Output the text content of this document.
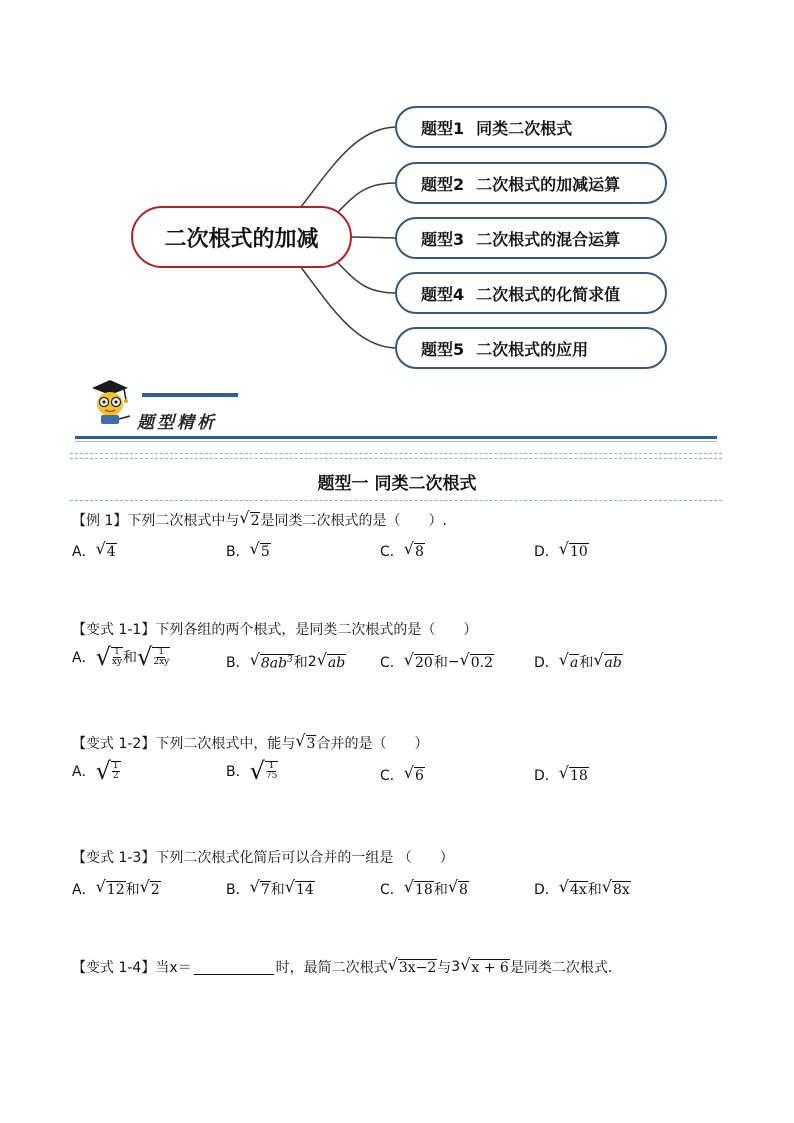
二次根式的加减
题型1 同类二次根式
题型2 二次根式的加减运算
题型3 二次根式的混合运算
题型4 二次根式的化简求值
题型5 二次根式的应用
题型精析
题型一 同类二次根式
【例 1】 下列二次根式中与 √ 2 是同类二次根式的是（　　）.
A． √ 4	B． √ 5	C． √ 8	D． √ 10
【变式 1-1】 下列各组的两个根式，是同类二次根式的是（　　）
A． √ $\frac{1}{xy}$ 和 √ $\frac{1}{2xy}$	B． √ $8ab^3$ 和 2 √ ab C． √ 20 和 − √ 0.2	D． √ a 和 √ ab
【变式 1-2】 下列二次根式中，能与 √ 3 合并的是（　　）
A． √ $\frac{1}{2}$	B． √ $\frac{1}{75}$	C． √ 6	D． √ 18
【变式 1-3】 下列二次根式化简后可以合并的一组是 （　　）
A． √ 12 和 √ 2	B． √ 7 和 √ 14	C． √ 18 和 √ 8	D． √ 4x 和 √ 8x
【变式 1-4】 当x＝	时，最简二次根式 √ 3x−2 与 3 √ x + 6 是同类二次根式．
